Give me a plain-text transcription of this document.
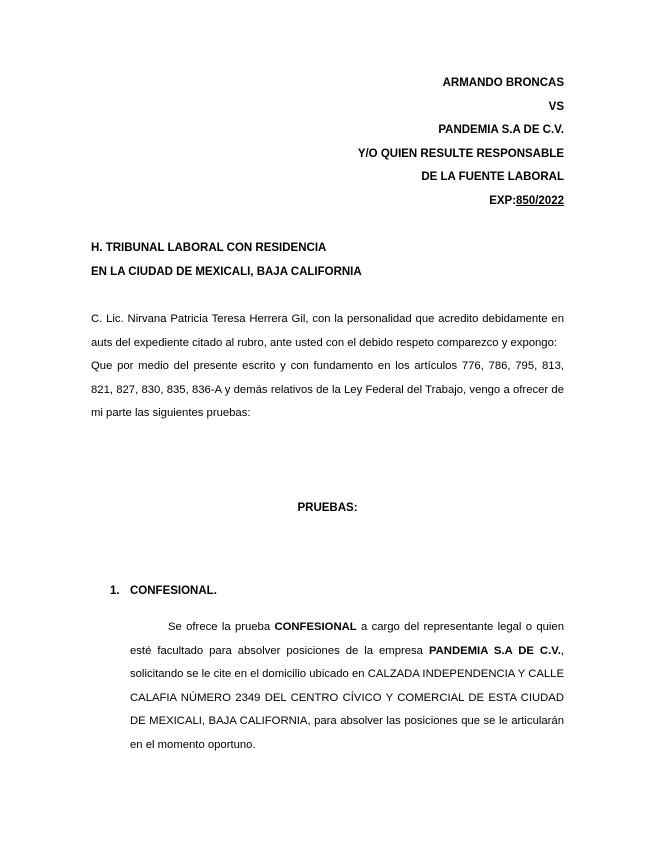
ARMANDO BRONCAS
VS
PANDEMIA S.A DE C.V.
Y/O QUIEN RESULTE RESPONSABLE
DE LA FUENTE LABORAL
EXP:850/2022
H. TRIBUNAL LABORAL CON RESIDENCIA
EN LA CIUDAD DE MEXICALI, BAJA CALIFORNIA

C. Lic. Nirvana Patricia Teresa Herrera Gil, con la personalidad que acredito debidamente en auts del expediente citado al rubro, ante usted con el debido respeto comparezco y expongo:

Que por medio del presente escrito y con fundamento en los artículos 776, 786, 795, 813, 821, 827, 830, 835, 836-A y demás relativos de la Ley Federal del Trabajo, vengo a ofrecer de mi parte las siguientes pruebas:

PRUEBAS:
1. CONFESIONAL.

Se ofrece la prueba CONFESIONAL a cargo del representante legal o quien esté facultado para absolver posiciones de la empresa PANDEMIA S.A DE C.V., solicitando se le cite en el domicilio ubicado en CALZADA INDEPENDENCIA Y CALLE CALAFIA NÚMERO 2349 DEL CENTRO CÍVICO Y COMERCIAL DE ESTA CIUDAD DE MEXICALI, BAJA CALIFORNIA, para absolver las posiciones que se le articularán en el momento oportuno.
